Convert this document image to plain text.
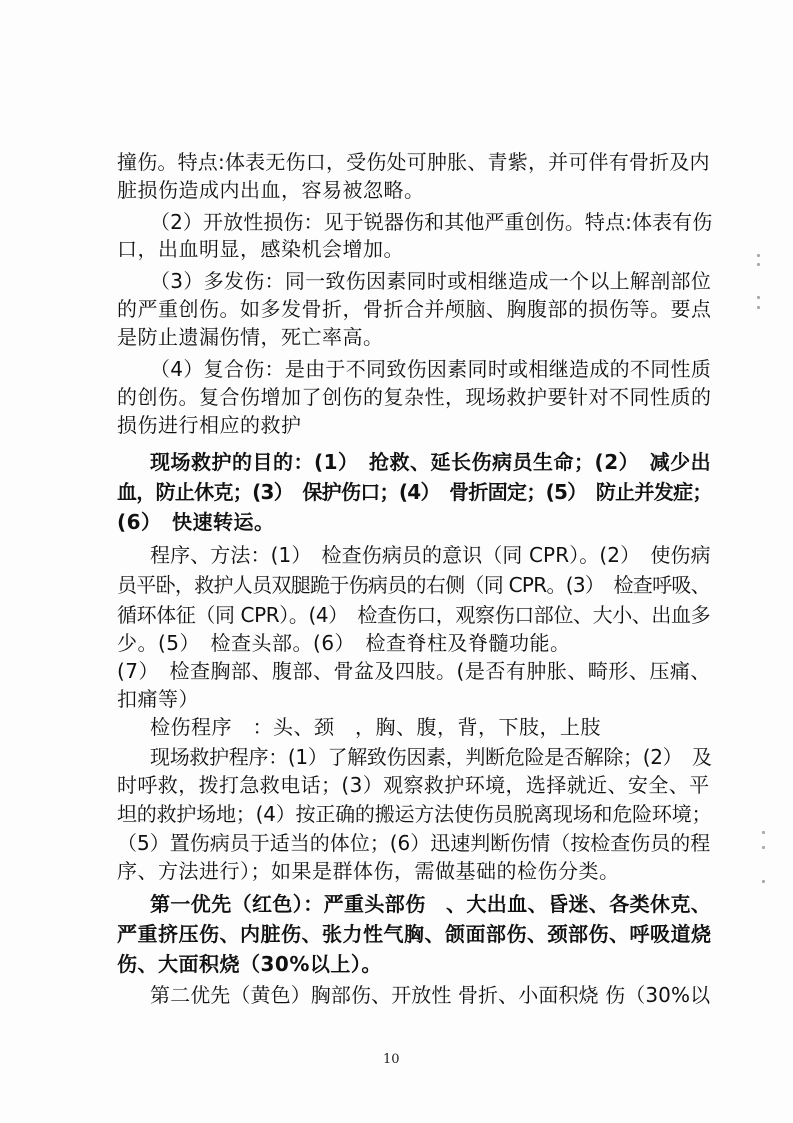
撞伤。特点:体表无伤口，受伤处可肿胀、青紫，并可伴有骨折及内
脏损伤造成内出血，容易被忽略。
（2）开放性损伤：见于锐器伤和其他严重创伤。特点:体表有伤
口，出血明显，感染机会增加。
（3）多发伤：同一致伤因素同时或相继造成一个以上解剖部位
的严重创伤。如多发骨折，骨折合并颅脑、胸腹部的损伤等。要点
是防止遗漏伤情，死亡率高。
（4）复合伤：是由于不同致伤因素同时或相继造成的不同性质
的创伤。复合伤增加了创伤的复杂性，现场救护要针对不同性质的
损伤进行相应的救护
现场救护的目的：(1）　抢救、延长伤病员生命；(2）　减少出
血，防止休克；(3）　保护伤口；(4）　骨折固定；(5）　防止并发症；
(6）　快速转运。
程序、方法：(1）　检查伤病员的意识（同 CPR）。(2）　使伤病
员平卧，救护人员双腿跪于伤病员的右侧（同 CPR。(3）　检查呼吸、
循环体征（同 CPR）。(4）　检查伤口，观察伤口部位、大小、出血多
少。(5）　检查头部。(6）　检查脊柱及脊髓功能。
(7）　检查胸部、腹部、骨盆及四肢。(是否有肿胀、畸形、压痛、
扣痛等）
检伤程序　：头、颈　，胸、腹，背，下肢，上肢
现场救护程序：(1）了解致伤因素，判断危险是否解除；(2）　及
时呼救，拨打急救电话；(3）观察救护环境，选择就近、安全、平
坦的救护场地；(4）按正确的搬运方法使伤员脱离现场和危险环境；
（5）置伤病员于适当的体位；(6）迅速判断伤情（按检查伤员的程
序、方法进行）；如果是群体伤，需做基础的检伤分类。
第一优先（红色）：严重头部伤　、大出血、昏迷、各类休克、
严重挤压伤、内脏伤、张力性气胸、颌面部伤、颈部伤、呼吸道烧
伤、大面积烧（30%以上）。
第二优先（黄色）胸部伤、开放性 骨折、小面积烧 伤（30%以
10
